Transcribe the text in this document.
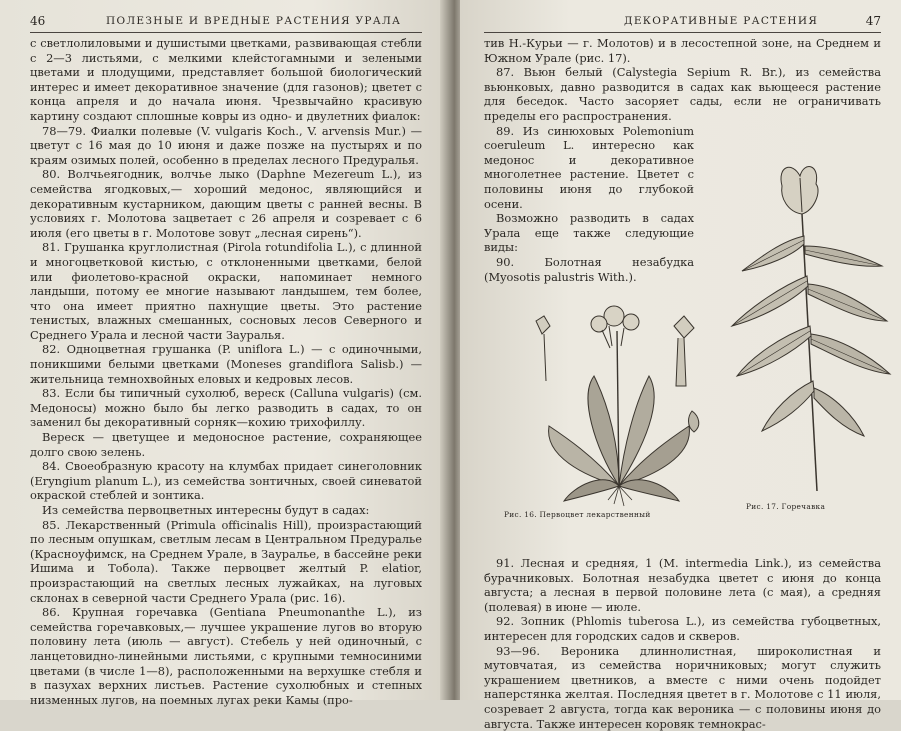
46	ПОЛЕЗНЫЕ И ВРЕДНЫЕ РАСТЕНИЯ УРАЛА

с светлолиловыми и душистыми цветками, развивающая стебли с 2—3 листьями, с мелкими клейстогамными и зелеными цветами и плодущими, представляет большой биологический интерес и имеет декоративное значение (для газонов); цветет с конца апреля и до начала июня. Чрезвычайно красивую картину создают сплошные ковры из одно- и двулетних фиалок:

78—79. Фиалки полевые (V. vulgaris Koch., V. arvensis Mur.) — цветут с 16 мая до 10 июня и даже позже на пустырях и по краям озимых полей, особенно в пределах лесного Предуралья.

80. Волчьеягодник, волчье лыко (Daphne Mezereum L.), из семейства ягодковых,— хороший медонос, являющийся и декоративным кустарником, дающим цветы с ранней весны. В условиях г. Молотова зацветает с 26 апреля и созревает с 6 июля (его цветы в г. Молотове зовут „лесная сирень“).

81. Грушанка круглолистная (Pirola rotundifolia L.), с длинной и многоцветковой кистью, с отклоненными цветками, белой или фиолетово-красной окраски, напоминает немного ландыши, потому ее многие называют ландышем, тем более, что она имеет приятно пахнущие цветы. Это растение тенистых, влажных смешанных, сосновых лесов Северного и Среднего Урала и лесной части Зауралья.

82. Одноцветная грушанка (P. uniflora L.) — с одиночными, поникшими белыми цветками (Moneses grandiflora Salisb.) — жительница темнохвойных еловых и кедровых лесов.

83. Если бы типичный сухолюб, вереск (Calluna vulgaris) (см. Медоносы) можно было бы легко разводить в садах, то он заменил бы декоративный сорняк—кохию трихофиллу.

Вереск — цветущее и медоносное растение, сохраняющее долго свою зелень.

84. Своеобразную красоту на клумбах придает синеголовник (Eryngium planum L.), из семейства зонтичных, своей синеватой окраской стеблей и зонтика.

Из семейства первоцветных интересны будут в садах:

85. Лекарственный (Primula officinalis Hill), произрастающий по лесным опушкам, светлым лесам в Центральном Предуралье (Красноуфимск, на Среднем Урале, в Зауралье, в бассейне реки Ишима и Тобола). Также первоцвет желтый P. elatior, произрастающий на светлых лесных лужайках, на луговых склонах в северной части Среднего Урала (рис. 16).

86. Крупная горечавка (Gentiana Pneumonanthe L.), из семейства горечавковых,— лучшее украшение лугов во вторую половину лета (июль — август). Стебель у ней одиночный, с ланцетовидно-линейными листьями, с крупными темносиними цветами (в числе 1—8), расположенными на верхушке стебля и в пазухах верхних листьев. Растение сухолюбных и степных низменных лугов, на поемных лугах реки Камы (про-

ДЕКОРАТИВНЫЕ РАСТЕНИЯ	47

тив Н.-Курьи — г. Молотов) и в лесостепной зоне, на Среднем и Южном Урале (рис. 17).

87. Вьюн белый (Calystegia Sepium R. Br.), из семейства вьюнковых, давно разводится в садах как вьющееся растение для беседок. Часто засоряет сады, если не ограничивать пределы его распространения.

89. Из синюховых Polemonium coeruleum L. интересно как медонос и декоративное многолетнее растение. Цветет с половины июня до глубокой осени.

Возможно разводить в садах Урала еще также следующие виды:

90. Болотная незабудка (Myosotis palustris With.).

Рис. 16. Первоцвет лекарственный
Рис. 17. Горечавка

91. Лесная и средняя, 1 (M. intermedia Link.), из семейства бурачниковых. Болотная незабудка цветет с июня до конца августа; а лесная в первой половине лета (с мая), а средняя (полевая) в июне — июле.

92. Зопник (Phlomis tuberosa L.), из семейства губоцветных, интересен для городских садов и скверов.

93—96. Вероника длиннолистная, широколистная и мутовчатая, из семейства норичниковых; могут служить украшением цветников, а вместе с ними очень подойдет наперстянка желтая. Последняя цветет в г. Молотове с 11 июля, созревает 2 августа, тогда как вероника — с половины июня до августа. Также интересен коровяк темнокрас-
